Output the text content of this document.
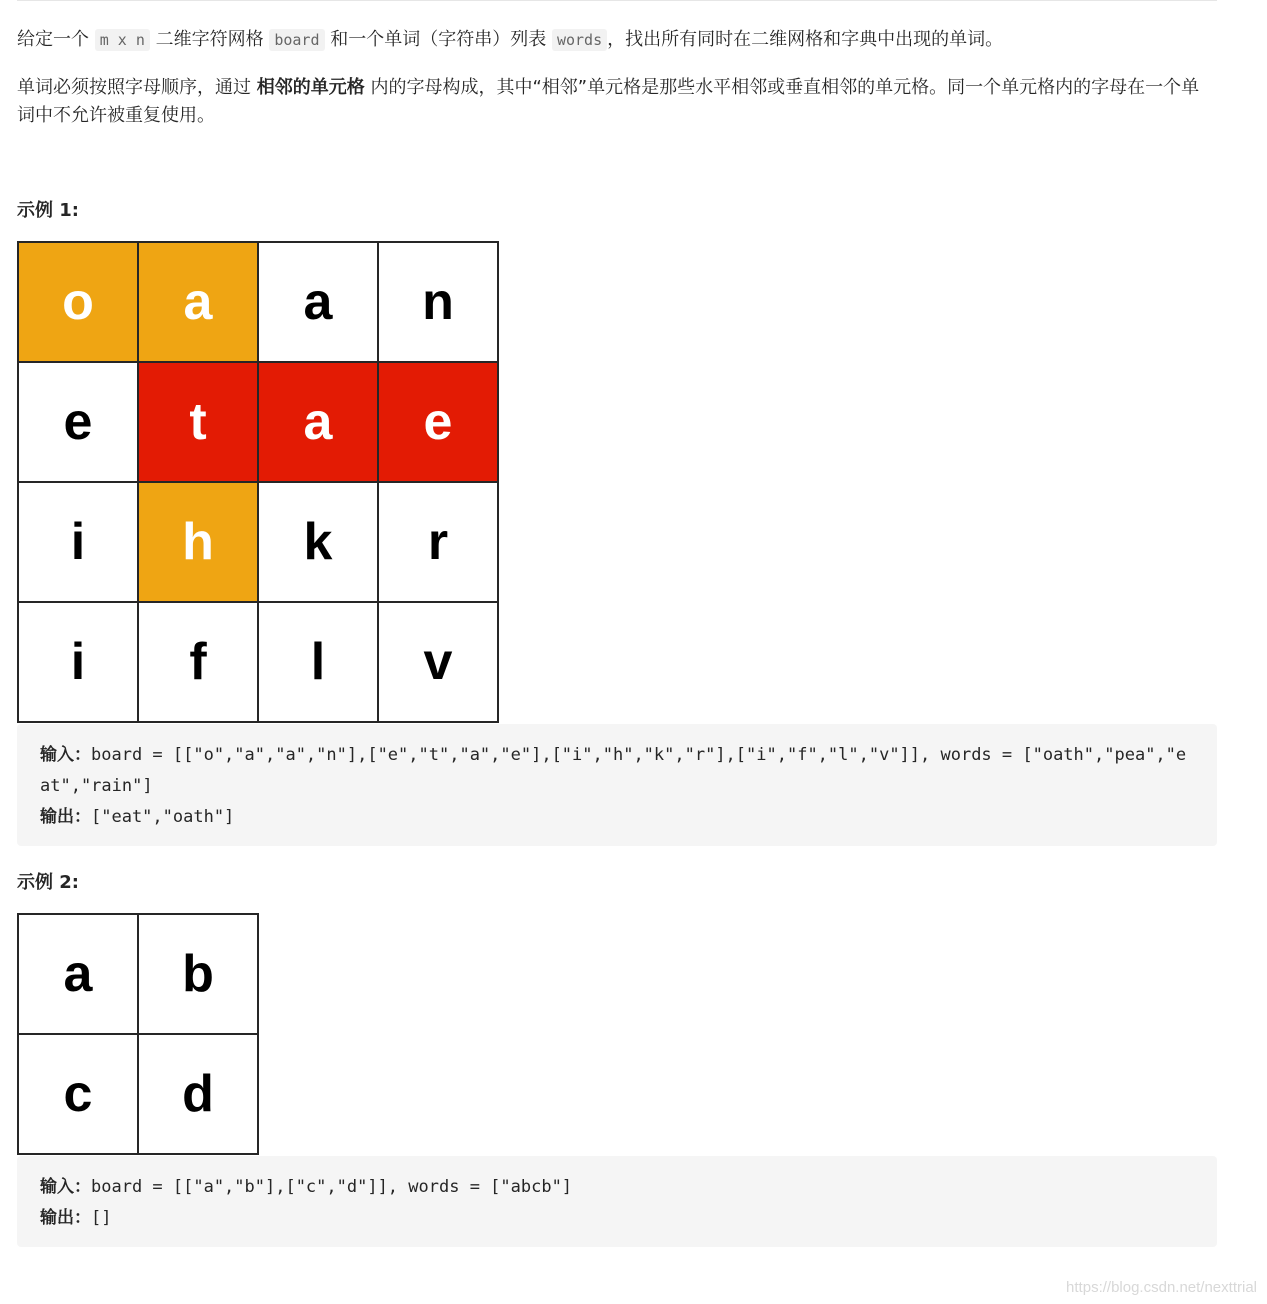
给定一个 m x n 二维字符网格 board 和一个单词（字符串）列表 words ，找出所有同时在二维网格和字典中出现的单词。
单词必须按照字母顺序，通过 相邻的单元格 内的字母构成，其中“相邻”单元格是那些水平相邻或垂直相邻的单元格。同一个单元格内的字母在一个单词中不允许被重复使用。
示例 1:
o	a	a	n
e	t	a	e
i	h	k	r
i	f	l	v
输入：board = [["o","a","a","n"],["e","t","a","e"],["i","h","k","r"],["i","f","l","v"]], words = ["oath","pea","eat","rain"]
输出：["eat","oath"]
示例 2:
a	b
c	d
输入：board = [["a","b"],["c","d"]], words = ["abcb"]
输出：[]
https://blog.csdn.net/nexttrial
